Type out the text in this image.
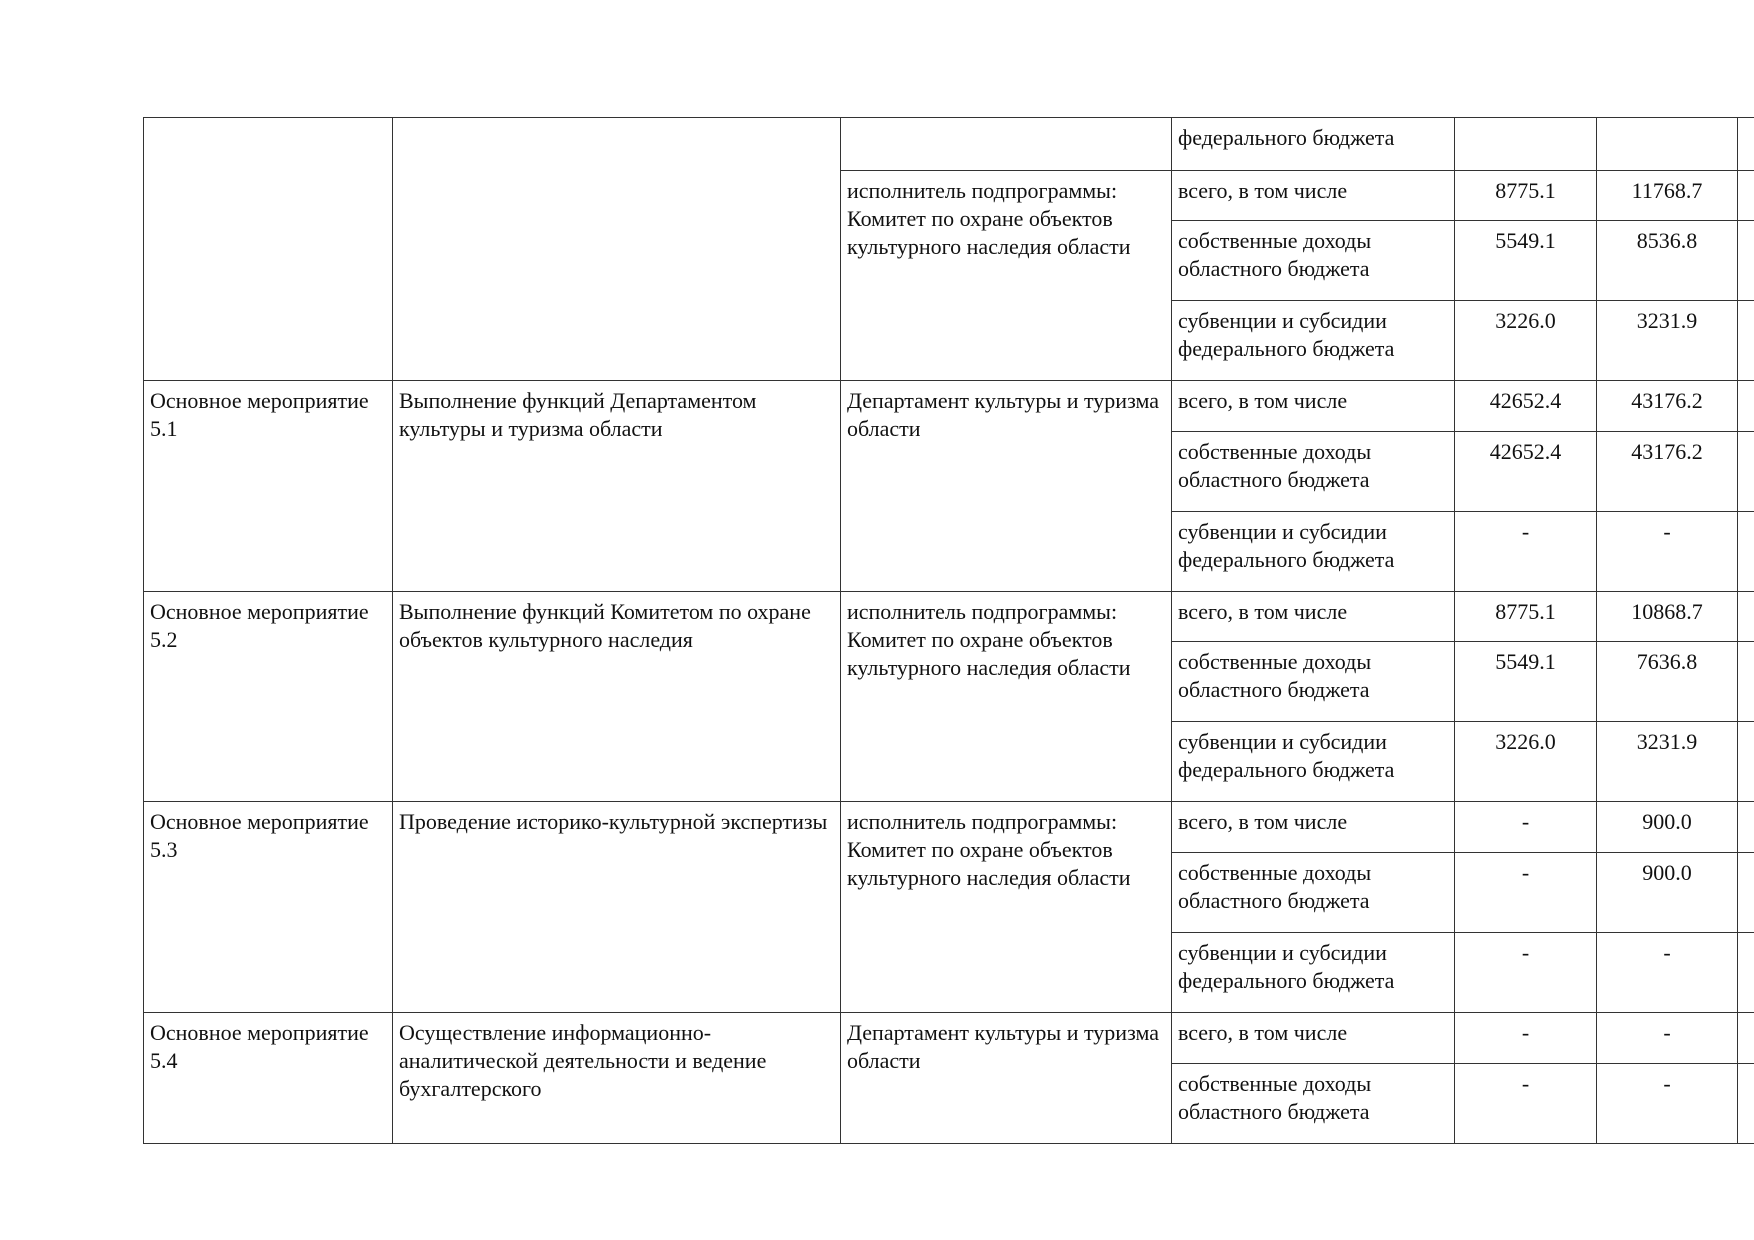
			федерального бюджета			
		исполнитель подпрограммы: Комитет по охране объектов культурного наследия области	всего, в том числе	8775.1	11768.7	
			собственные доходы областного бюджета	5549.1	8536.8	
			субвенции и субсидии федерального бюджета	3226.0	3231.9	
Основное мероприятие 5.1	Выполнение функций Департаментом культуры и туризма области	Департамент культуры и туризма области	всего, в том числе	42652.4	43176.2	
			собственные доходы областного бюджета	42652.4	43176.2	
			субвенции и субсидии федерального бюджета	-	-	
Основное мероприятие 5.2	Выполнение функций Комитетом по охране объектов культурного наследия	исполнитель подпрограммы: Комитет по охране объектов культурного наследия области	всего, в том числе	8775.1	10868.7	
			собственные доходы областного бюджета	5549.1	7636.8	
			субвенции и субсидии федерального бюджета	3226.0	3231.9	
Основное мероприятие 5.3	Проведение историко-культурной экспертизы	исполнитель подпрограммы: Комитет по охране объектов культурного наследия области	всего, в том числе	-	900.0	
			собственные доходы областного бюджета	-	900.0	
			субвенции и субсидии федерального бюджета	-	-	
Основное мероприятие 5.4	Осуществление информационно-аналитической деятельности и ведение бухгалтерского	Департамент культуры и туризма области	всего, в том числе	-	-	
			собственные доходы областного бюджета	-	-	
